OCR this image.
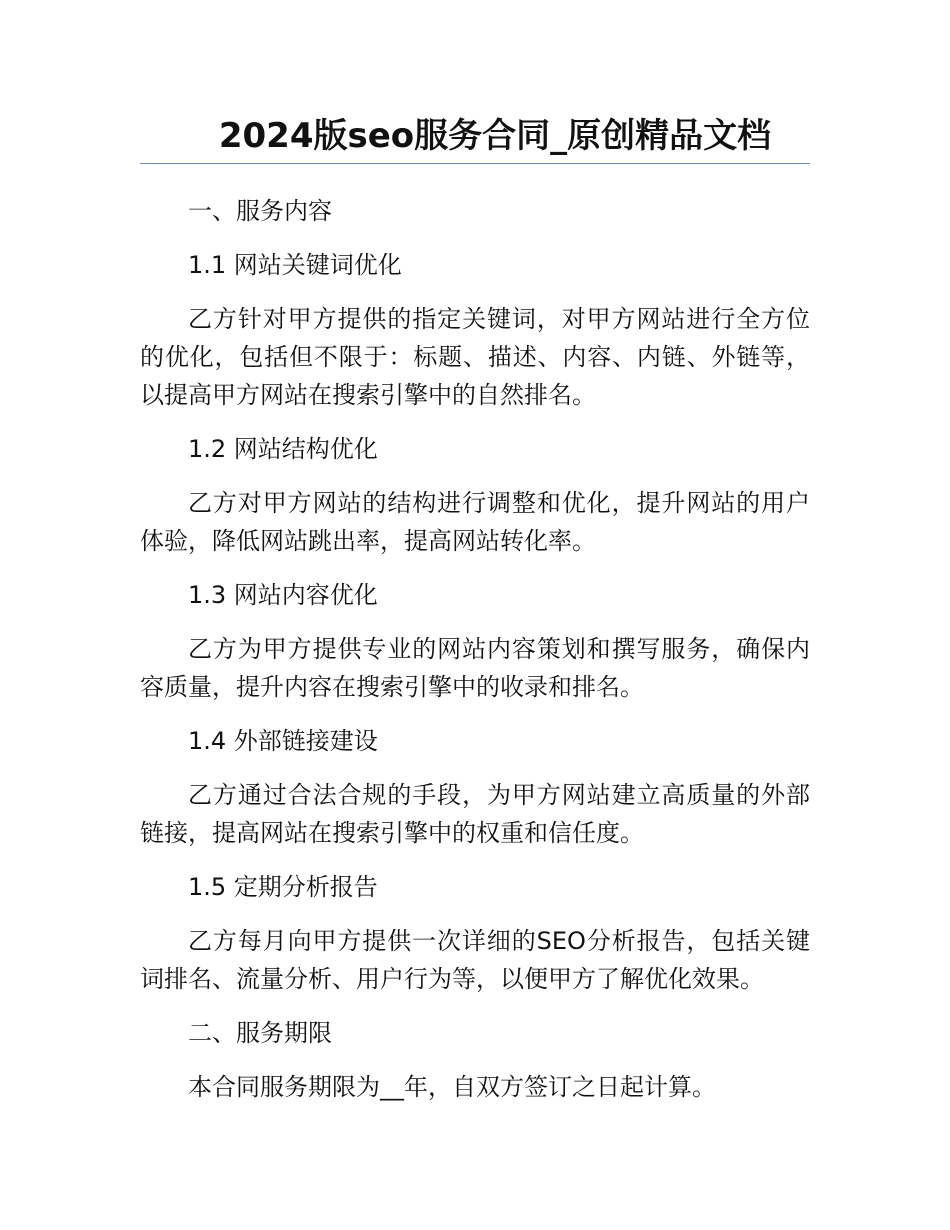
2024版seo服务合同_原创精品文档

一、服务内容

1.1 网站关键词优化

乙方针对甲方提供的指定关键词，对甲方网站进行全方位的优化，包括但不限于：标题、描述、内容、内链、外链等，以提高甲方网站在搜索引擎中的自然排名。

1.2 网站结构优化

乙方对甲方网站的结构进行调整和优化，提升网站的用户体验，降低网站跳出率，提高网站转化率。

1.3 网站内容优化

乙方为甲方提供专业的网站内容策划和撰写服务，确保内容质量，提升内容在搜索引擎中的收录和排名。

1.4 外部链接建设

乙方通过合法合规的手段，为甲方网站建立高质量的外部链接，提高网站在搜索引擎中的权重和信任度。

1.5 定期分析报告

乙方每月向甲方提供一次详细的SEO分析报告，包括关键词排名、流量分析、用户行为等，以便甲方了解优化效果。

二、服务期限

本合同服务期限为__年，自双方签订之日起计算。
